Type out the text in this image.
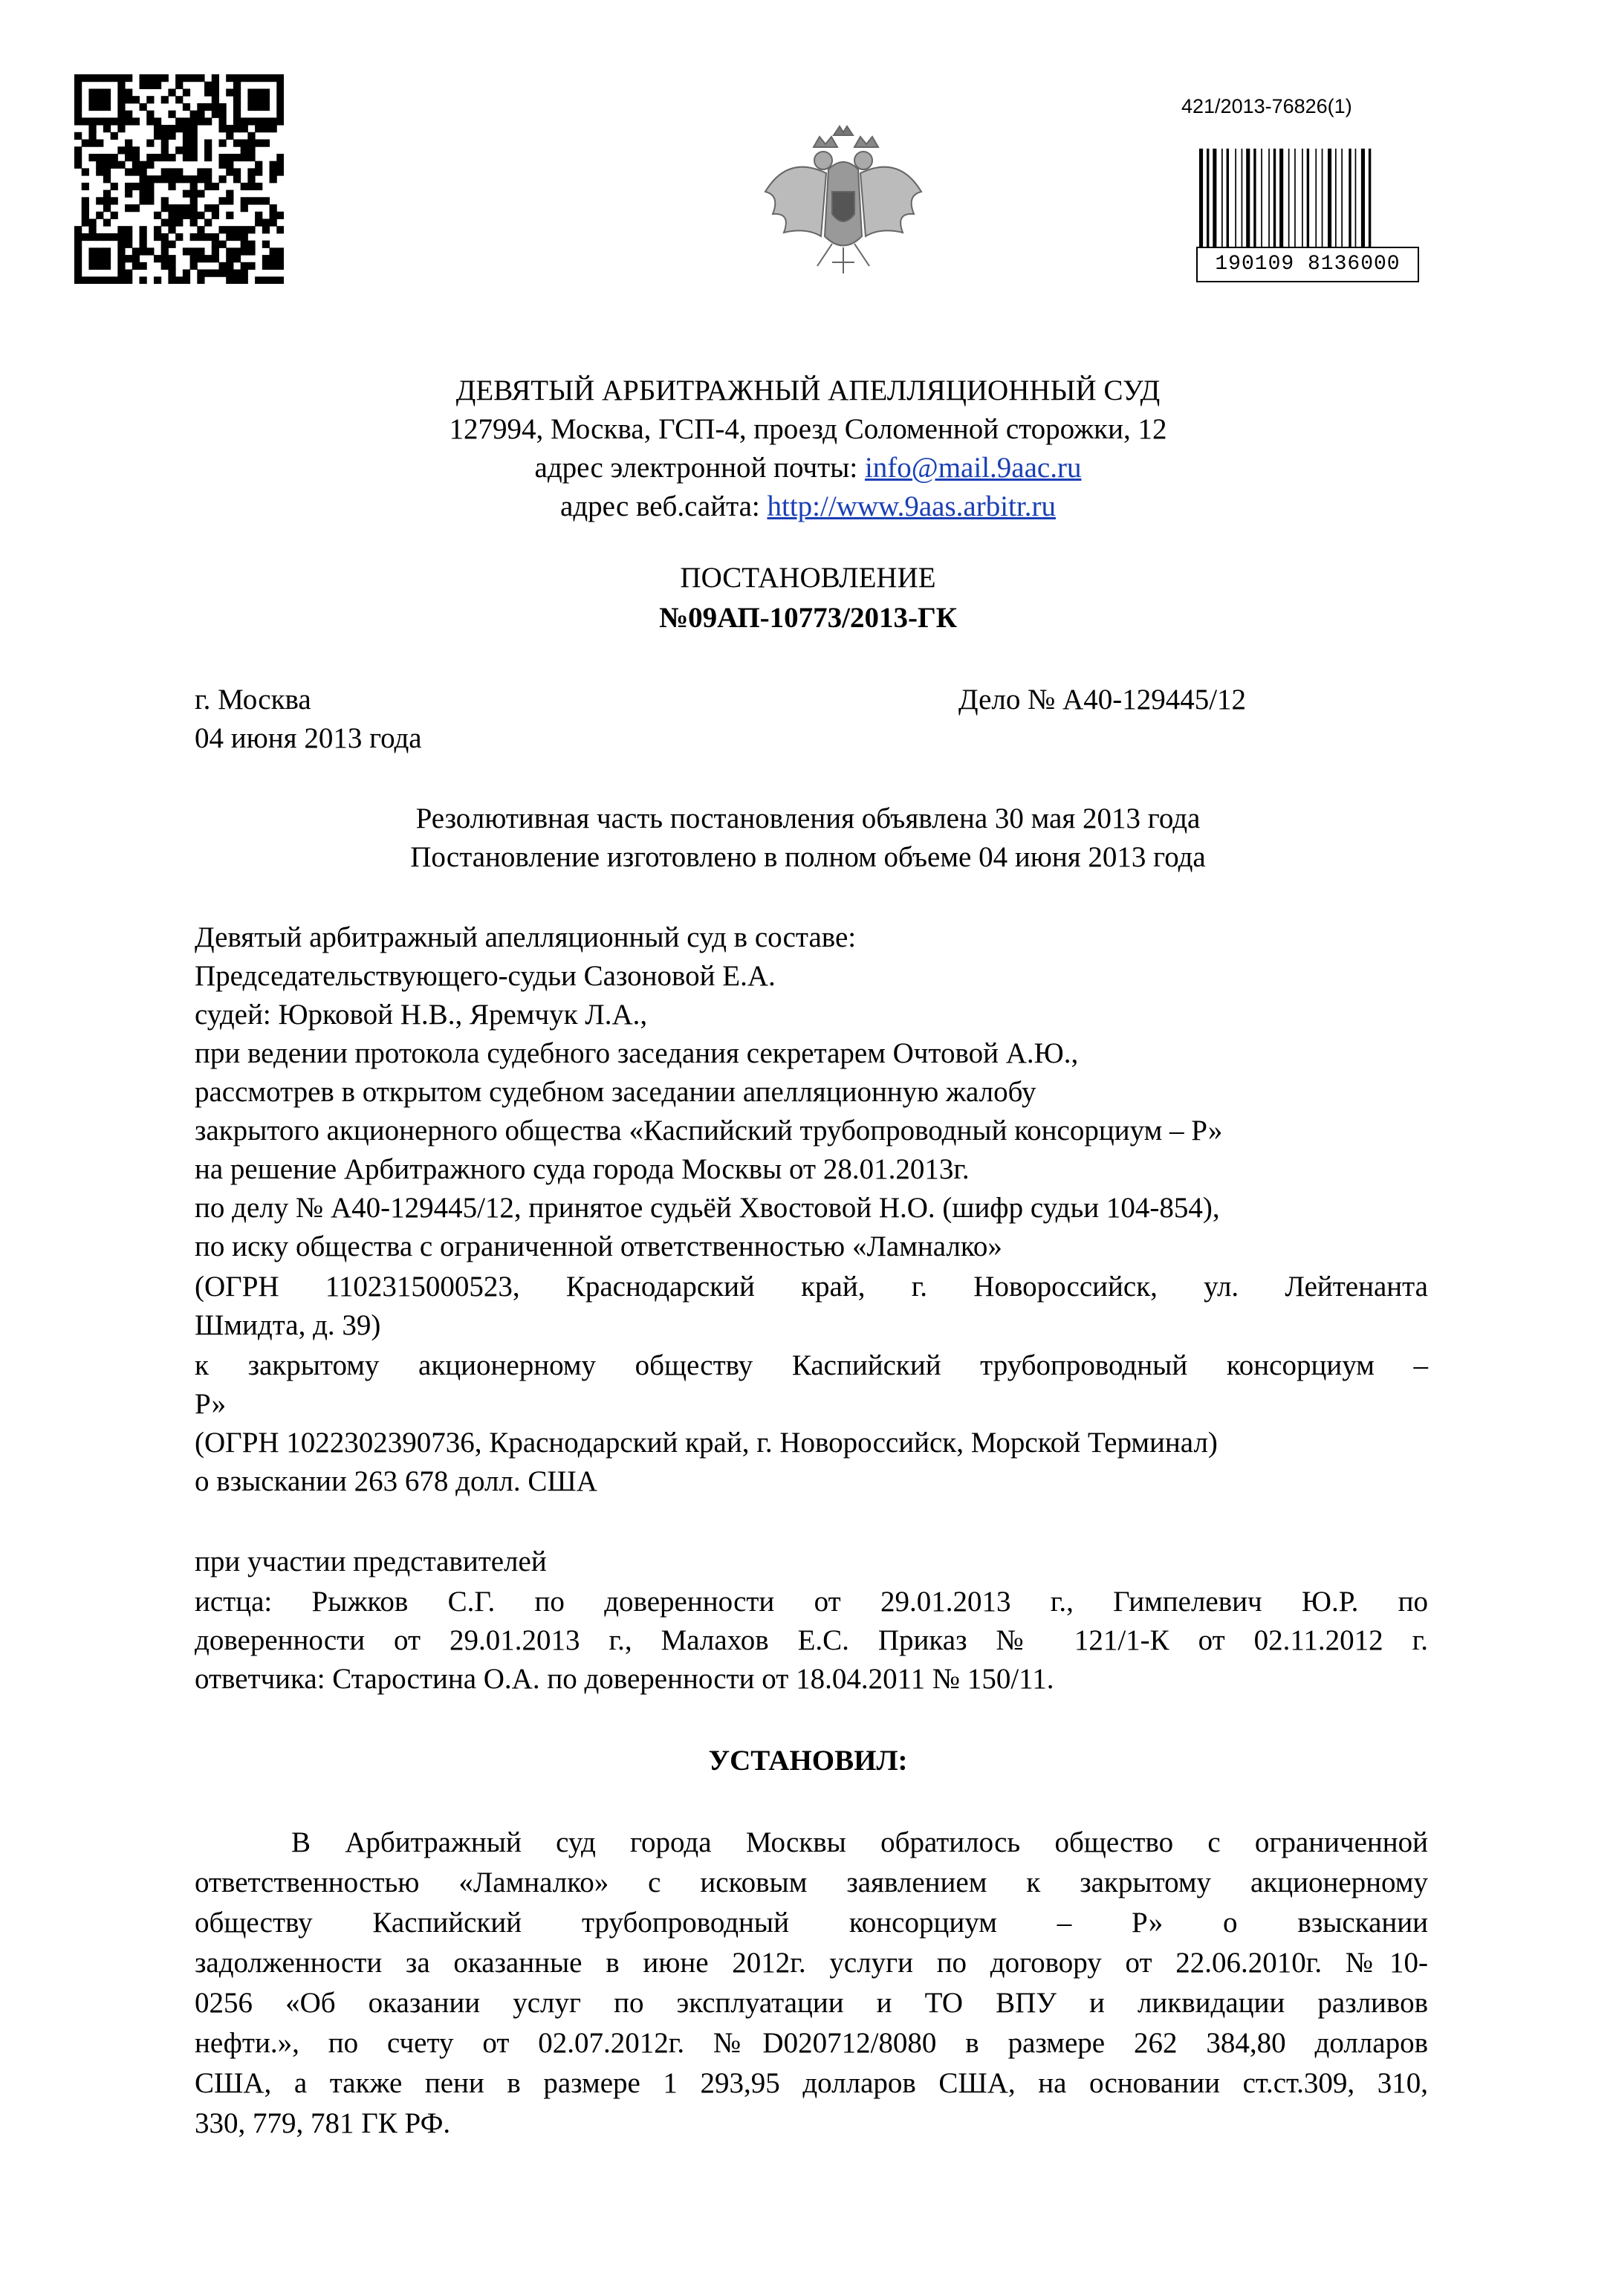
421/2013-76826(1)
190109 8136000
ДЕВЯТЫЙ АРБИТРАЖНЫЙ АПЕЛЛЯЦИОННЫЙ СУД
127994, Москва, ГСП-4, проезд Соломенной сторожки, 12
адрес электронной почты: info@mail.9aac.ru
адрес веб.сайта: http://www.9aas.arbitr.ru
ПОСТАНОВЛЕНИЕ
№09АП-10773/2013-ГК
г. Москва	Дело № А40-129445/12
04 июня 2013 года
Резолютивная часть постановления объявлена 30 мая 2013 года
Постановление изготовлено в полном объеме 04 июня 2013 года
Девятый арбитражный апелляционный суд в составе:
Председательствующего-судьи Сазоновой Е.А.
судей: Юрковой Н.В., Яремчук Л.А.,
при ведении протокола судебного заседания секретарем Очтовой А.Ю.,
рассмотрев в открытом судебном заседании апелляционную жалобу
закрытого акционерного общества «Каспийский трубопроводный консорциум – Р»
на решение Арбитражного суда города Москвы от 28.01.2013г.
по делу № А40-129445/12, принятое судьёй Хвостовой Н.О. (шифр судьи 104-854),
по иску общества с ограниченной ответственностью «Ламналко»
(ОГРН 1102315000523, Краснодарский край, г. Новороссийск, ул. Лейтенанта
Шмидта, д. 39)
к закрытому акционерному обществу Каспийский трубопроводный консорциум –
Р»
(ОГРН 1022302390736, Краснодарский край, г. Новороссийск, Морской Терминал)
о взыскании 263 678 долл. США
при участии представителей
истца: Рыжков С.Г. по доверенности от 29.01.2013 г., Гимпелевич Ю.Р. по
доверенности от 29.01.2013 г., Малахов Е.С. Приказ № 121/1-К от 02.11.2012 г.
ответчика: Старостина О.А. по доверенности от 18.04.2011 № 150/11.
УСТАНОВИЛ:
В Арбитражный суд города Москвы обратилось общество с ограниченной
ответственностью «Ламналко» с исковым заявлением к закрытому акционерному
обществу Каспийский трубопроводный консорциум – Р» о взыскании
задолженности за оказанные в июне 2012г. услуги по договору от 22.06.2010г. №10-
0256 «Об оказании услуг по эксплуатации и ТО ВПУ и ликвидации разливов
нефти.», по счету от 02.07.2012г. №D020712/8080 в размере 262 384,80 долларов
США, а также пени в размере 1 293,95 долларов США, на основании ст.ст.309, 310,
330, 779, 781 ГК РФ.
